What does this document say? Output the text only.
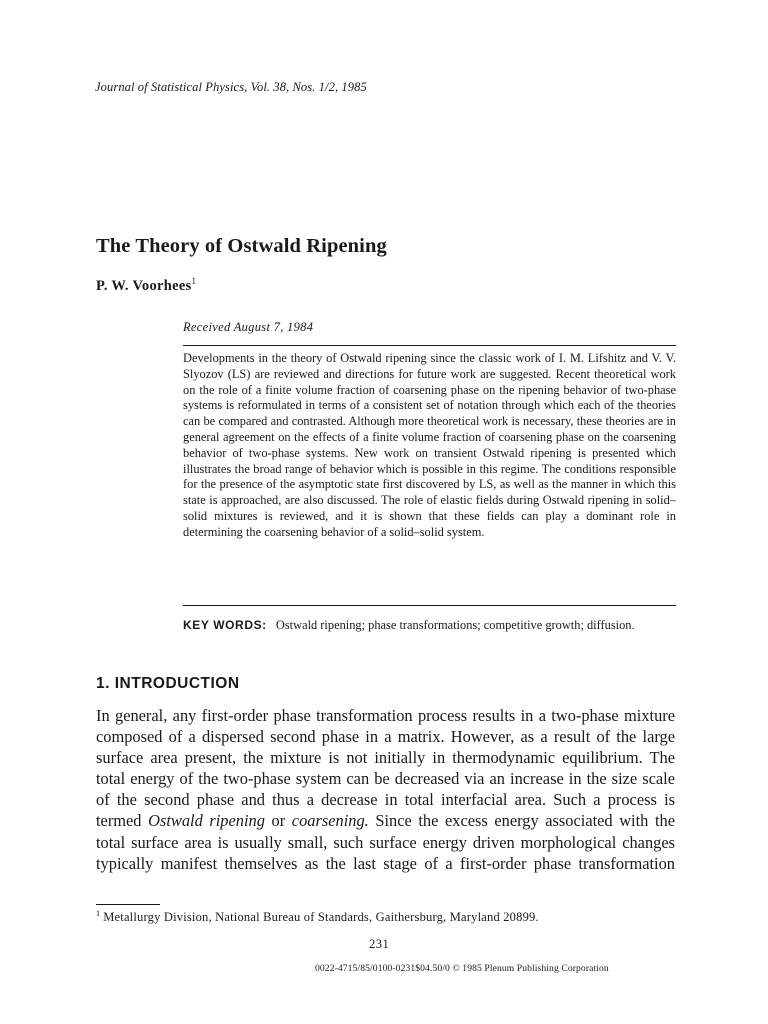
Journal of Statistical Physics, Vol. 38, Nos. 1/2, 1985
The Theory of Ostwald Ripening
P. W. Voorhees$^1$
Received August 7, 1984
Developments in the theory of Ostwald ripening since the classic work of I. M. Lifshitz and V. V. Slyozov (LS) are reviewed and directions for future work are suggested. Recent theoretical work on the role of a finite volume fraction of coarsening phase on the ripening behavior of two-phase systems is reformulated in terms of a consistent set of notation through which each of the theories can be compared and contrasted. Although more theoretical work is necessary, these theories are in general agreement on the effects of a finite volume fraction of coarsening phase on the coarsening behavior of two-phase systems. New work on transient Ostwald ripening is presented which illustrates the broad range of behavior which is possible in this regime. The conditions responsible for the presence of the asymptotic state first discovered by LS, as well as the manner in which this state is approached, are also discussed. The role of elastic fields during Ostwald ripening in solid–solid mixtures is reviewed, and it is shown that these fields can play a dominant role in determining the coarsening behavior of a solid–solid system.
KEY WORDS: Ostwald ripening; phase transformations; competitive growth; diffusion.
1. INTRODUCTION
In general, any first-order phase transformation process results in a two-phase mixture composed of a dispersed second phase in a matrix. However, as a result of the large surface area present, the mixture is not initially in thermodynamic equilibrium. The total energy of the two-phase system can be decreased via an increase in the size scale of the second phase and thus a decrease in total interfacial area. Such a process is termed Ostwald ripening or coarsening. Since the excess energy associated with the total surface area is usually small, such surface energy driven morphological changes typically manifest themselves as the last stage of a first-order phase transformation
$^1$ Metallurgy Division, National Bureau of Standards, Gaithersburg, Maryland 20899.
231
0022-4715/85/0100-0231$04.50/0 © 1985 Plenum Publishing Corporation
